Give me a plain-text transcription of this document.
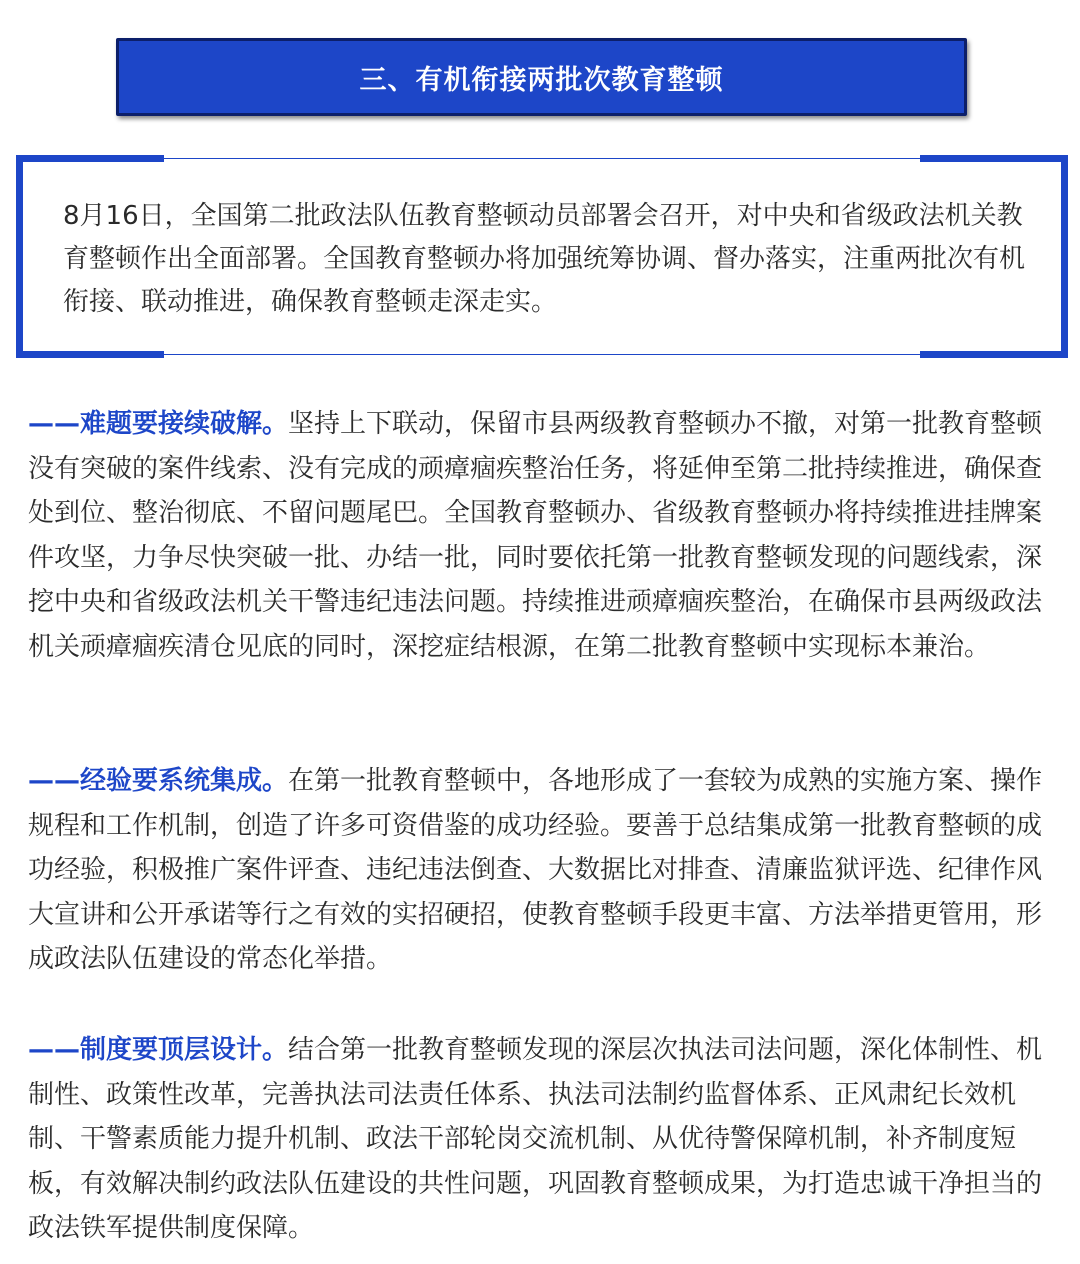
三、有机衔接两批次教育整顿

8月16日，全国第二批政法队伍教育整顿动员部署会召开，对中央和省级政法机关教育整顿作出全面部署。全国教育整顿办将加强统筹协调、督办落实，注重两批次有机衔接、联动推进，确保教育整顿走深走实。

——难题要接续破解。坚持上下联动，保留市县两级教育整顿办不撤，对第一批教育整顿没有突破的案件线索、没有完成的顽瘴痼疾整治任务，将延伸至第二批持续推进，确保查处到位、整治彻底、不留问题尾巴。全国教育整顿办、省级教育整顿办将持续推进挂牌案件攻坚，力争尽快突破一批、办结一批，同时要依托第一批教育整顿发现的问题线索，深挖中央和省级政法机关干警违纪违法问题。持续推进顽瘴痼疾整治，在确保市县两级政法机关顽瘴痼疾清仓见底的同时，深挖症结根源，在第二批教育整顿中实现标本兼治。

——经验要系统集成。在第一批教育整顿中，各地形成了一套较为成熟的实施方案、操作规程和工作机制，创造了许多可资借鉴的成功经验。要善于总结集成第一批教育整顿的成功经验，积极推广案件评查、违纪违法倒查、大数据比对排查、清廉监狱评选、纪律作风大宣讲和公开承诺等行之有效的实招硬招，使教育整顿手段更丰富、方法举措更管用，形成政法队伍建设的常态化举措。

——制度要顶层设计。结合第一批教育整顿发现的深层次执法司法问题，深化体制性、机制性、政策性改革，完善执法司法责任体系、执法司法制约监督体系、正风肃纪长效机制、干警素质能力提升机制、政法干部轮岗交流机制、从优待警保障机制，补齐制度短板，有效解决制约政法队伍建设的共性问题，巩固教育整顿成果，为打造忠诚干净担当的政法铁军提供制度保障。
